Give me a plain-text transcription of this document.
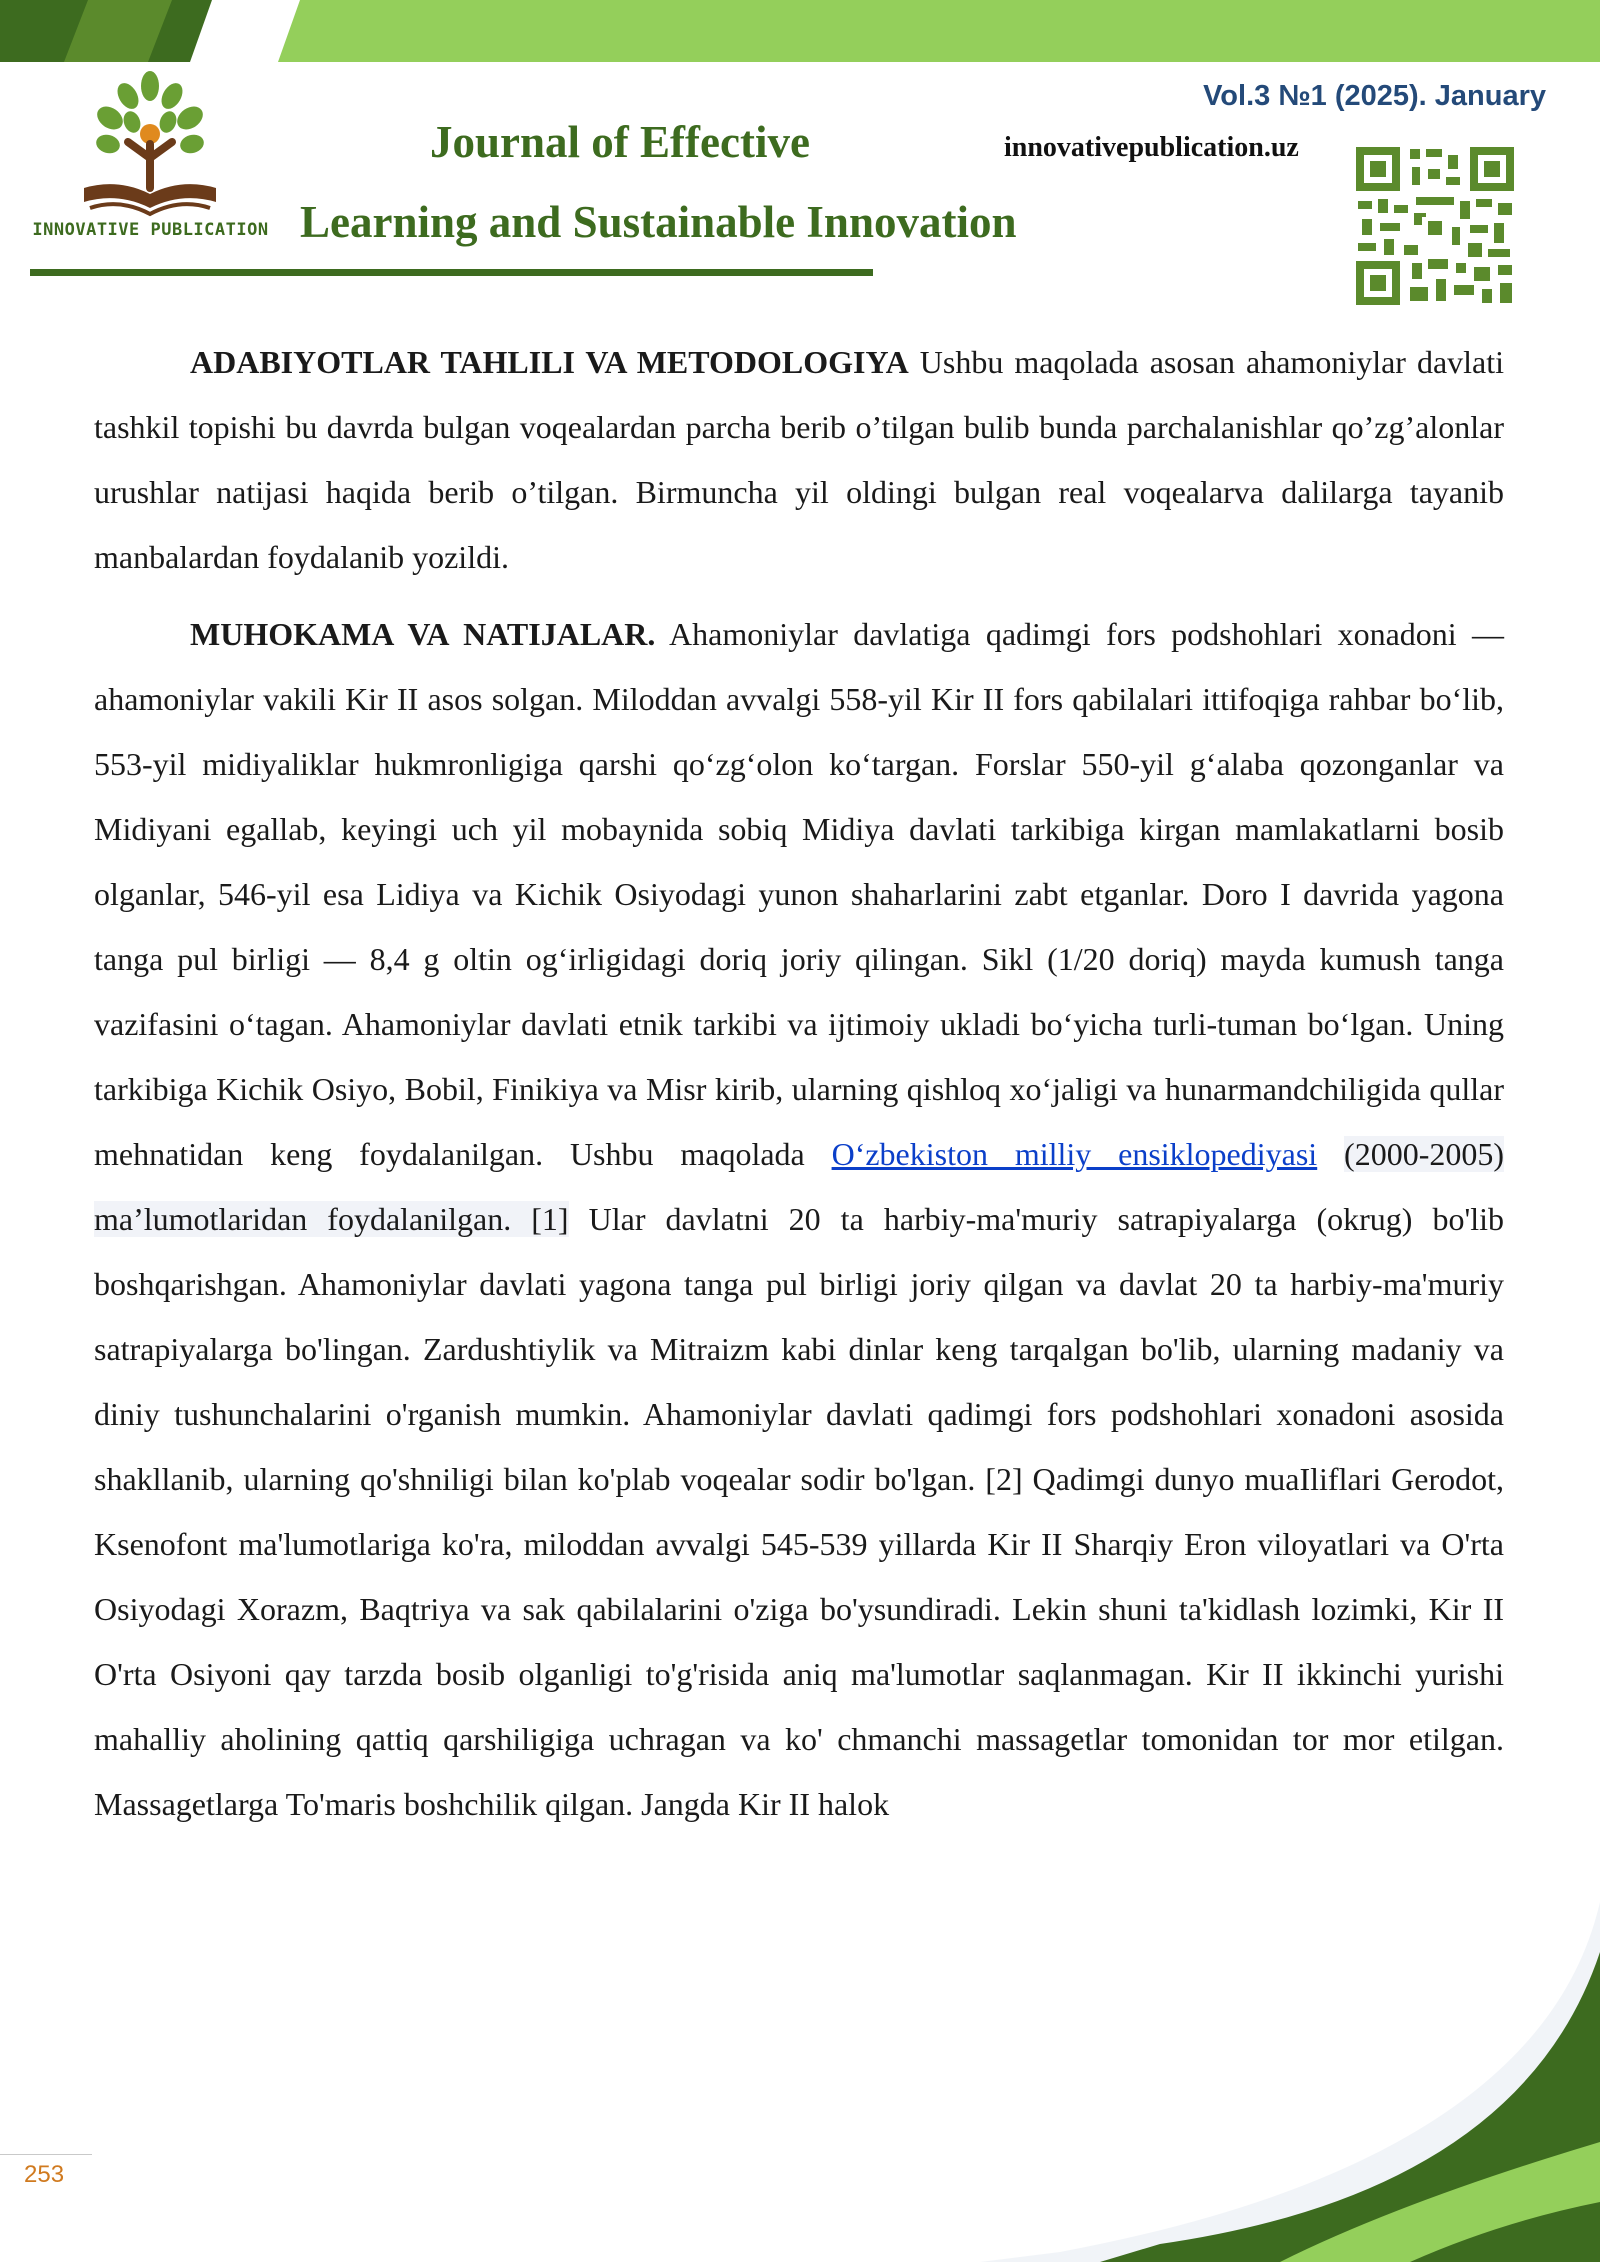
INNOVATIVE PUBLICATION
Journal of Effective
Learning and Sustainable Innovation
Vol.3 №1 (2025). January
innovativepublication.uz

ADABIYOTLAR TAHLILI VA METODOLOGIYA Ushbu maqolada asosan ahamoniylar davlati tashkil topishi bu davrda bulgan voqealardan parcha berib o’tilgan bulib bunda parchalanishlar qo’zg’alonlar urushlar natijasi haqida berib o’tilgan. Birmuncha yil oldingi bulgan real voqealarva dalilarga tayanib manbalardan foydalanib yozildi.

MUHOKAMA VA NATIJALAR. Ahamoniylar davlatiga qadimgi fors podshohlari xonadoni — ahamoniylar vakili Kir II asos solgan. Miloddan avvalgi 558-yil Kir II fors qabilalari ittifoqiga rahbar bo‘lib, 553-yil midiyaliklar hukmronligiga qarshi qo‘zg‘olon ko‘targan. Forslar 550-yil g‘alaba qozonganlar va Midiyani egallab, keyingi uch yil mobaynida sobiq Midiya davlati tarkibiga kirgan mamlakatlarni bosib olganlar, 546-yil esa Lidiya va Kichik Osiyodagi yunon shaharlarini zabt etganlar. Doro I davrida yagona tanga pul birligi — 8,4 g oltin og‘irligidagi doriq joriy qilingan. Sikl (1/20 doriq) mayda kumush tanga vazifasini o‘tagan. Ahamoniylar davlati etnik tarkibi va ijtimoiy ukladi bo‘yicha turli-tuman bo‘lgan. Uning tarkibiga Kichik Osiyo, Bobil, Finikiya va Misr kirib, ularning qishloq xo‘jaligi va hunarmandchiligida qullar mehnatidan keng foydalanilgan. Ushbu maqolada O‘zbekiston milliy ensiklopediyasi (2000-2005) ma’lumotlaridan foydalanilgan. [1] Ular davlatni 20 ta harbiy-ma'muriy satrapiyalarga (okrug) bo'lib boshqarishgan. Ahamoniylar davlati yagona tanga pul birligi joriy qilgan va davlat 20 ta harbiy-ma'muriy satrapiyalarga bo'lingan. Zardushtiylik va Mitraizm kabi dinlar keng tarqalgan bo'lib, ularning madaniy va diniy tushunchalarini o'rganish mumkin. Ahamoniylar davlati qadimgi fors podshohlari xonadoni asosida shakllanib, ularning qo'shniligi bilan ko'plab voqealar sodir bo'lgan. [2] Qadimgi dunyo muaIliflari Gerodot, Ksenofont ma'lumotlariga ko'ra, miloddan avvalgi 545-539 yillarda Kir II Sharqiy Eron viloyatlari va O'rta Osiyodagi Xorazm, Baqtriya va sak qabilalarini o'ziga bo'ysundiradi. Lekin shuni ta'kidlash lozimki, Kir II O'rta Osiyoni qay tarzda bosib olganligi to'g'risida aniq ma'lumotlar saqlanmagan. Kir II ikkinchi yurishi mahalliy aholining qattiq qarshiligiga uchragan va ko' chmanchi massagetlar tomonidan tor mor etilgan. Massagetlarga To'maris boshchilik qilgan. Jangda Kir II halok

253
